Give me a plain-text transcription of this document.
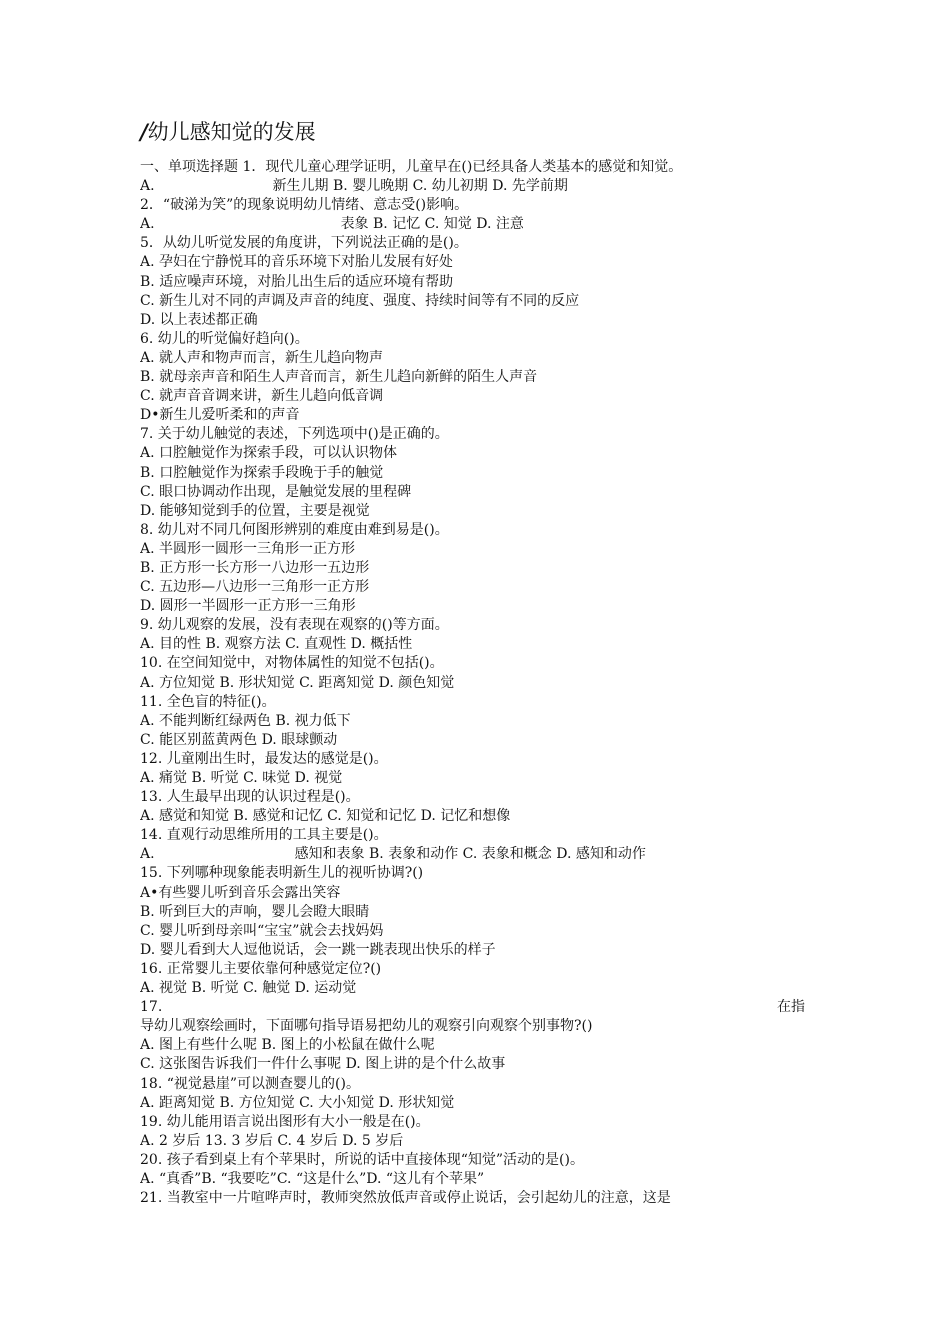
/幼儿感知觉的发展
一、单项选择题 1．现代儿童心理学证明，儿童早在()已经具备人类基本的感觉和知觉。
A.	新生儿期 B. 婴儿晚期 C. 幼儿初期 D. 先学前期
2．“破涕为笑”的现象说明幼儿情绪、意志受()影响。
A.	表象 B. 记忆 C. 知觉 D. 注意
5．从幼儿听觉发展的角度讲，下列说法正确的是()。
A. 孕妇在宁静悦耳的音乐环境下对胎儿发展有好处
B. 适应噪声环境，对胎儿出生后的适应环境有帮助
C. 新生儿对不同的声调及声音的纯度、强度、持续时间等有不同的反应
D. 以上表述都正确
6. 幼儿的听觉偏好趋向()。
A. 就人声和物声而言，新生儿趋向物声
B. 就母亲声音和陌生人声音而言，新生儿趋向新鲜的陌生人声音
C. 就声音音调来讲，新生儿趋向低音调
D•新生儿爱听柔和的声音
7. 关于幼儿触觉的表述，下列选项中()是正确的。
A. 口腔触觉作为探索手段，可以认识物体
B. 口腔触觉作为探索手段晚于手的触觉
C. 眼口协调动作出现，是触觉发展的里程碑
D. 能够知觉到手的位置，主要是视觉
8. 幼儿对不同几何图形辨别的难度由难到易是()。
A. 半圆形一圆形一三角形一正方形
B. 正方形一长方形一八边形一五边形
C. 五边形—八边形一三角形一正方形
D. 圆形一半圆形一正方形一三角形
9. 幼儿观察的发展，没有表现在观察的()等方面。
A. 目的性 B. 观察方法 C. 直观性 D. 概括性
10. 在空间知觉中，对物体属性的知觉不包括()。
A. 方位知觉 B. 形状知觉 C. 距离知觉 D. 颜色知觉
11. 全色盲的特征()。
A. 不能判断红绿两色 B. 视力低下
C. 能区别蓝黄两色 D. 眼球颤动
12. 儿童刚出生时，最发达的感觉是()。
A. 痛觉 B. 听觉 C. 味觉 D. 视觉
13. 人生最早出现的认识过程是()。
A. 感觉和知觉 B. 感觉和记忆 C. 知觉和记忆 D. 记忆和想像
14. 直观行动思维所用的工具主要是()。
A.	感知和表象 B. 表象和动作 C. 表象和概念 D. 感知和动作
15. 下列哪种现象能表明新生儿的视听协调?()
A•有些婴儿听到音乐会露出笑容
B. 听到巨大的声响，婴儿会瞪大眼睛
C. 婴儿听到母亲叫“宝宝”就会去找妈妈
D. 婴儿看到大人逗他说话，会一跳一跳表现出快乐的样子
16. 正常婴儿主要依靠何种感觉定位?()
A. 视觉 B. 听觉 C. 触觉 D. 运动觉
17.	在指
导幼儿观察绘画时，下面哪句指导语易把幼儿的观察引向观察个别事物?()
A. 图上有些什么呢 B. 图上的小松鼠在做什么呢
C. 这张图告诉我们一件什么事呢 D. 图上讲的是个什么故事
18. “视觉悬崖”可以测查婴儿的()。
A. 距离知觉 B. 方位知觉 C. 大小知觉 D. 形状知觉
19. 幼儿能用语言说出图形有大小一般是在()。
A. 2 岁后 13. 3 岁后 C. 4 岁后 D. 5 岁后
20. 孩子看到桌上有个苹果时，所说的话中直接体现“知觉”活动的是()。
A. “真香”B. “我要吃”C. “这是什么”D. “这儿有个苹果”
21. 当教室中一片喧哗声时，教师突然放低声音或停止说话，会引起幼儿的注意，这是
